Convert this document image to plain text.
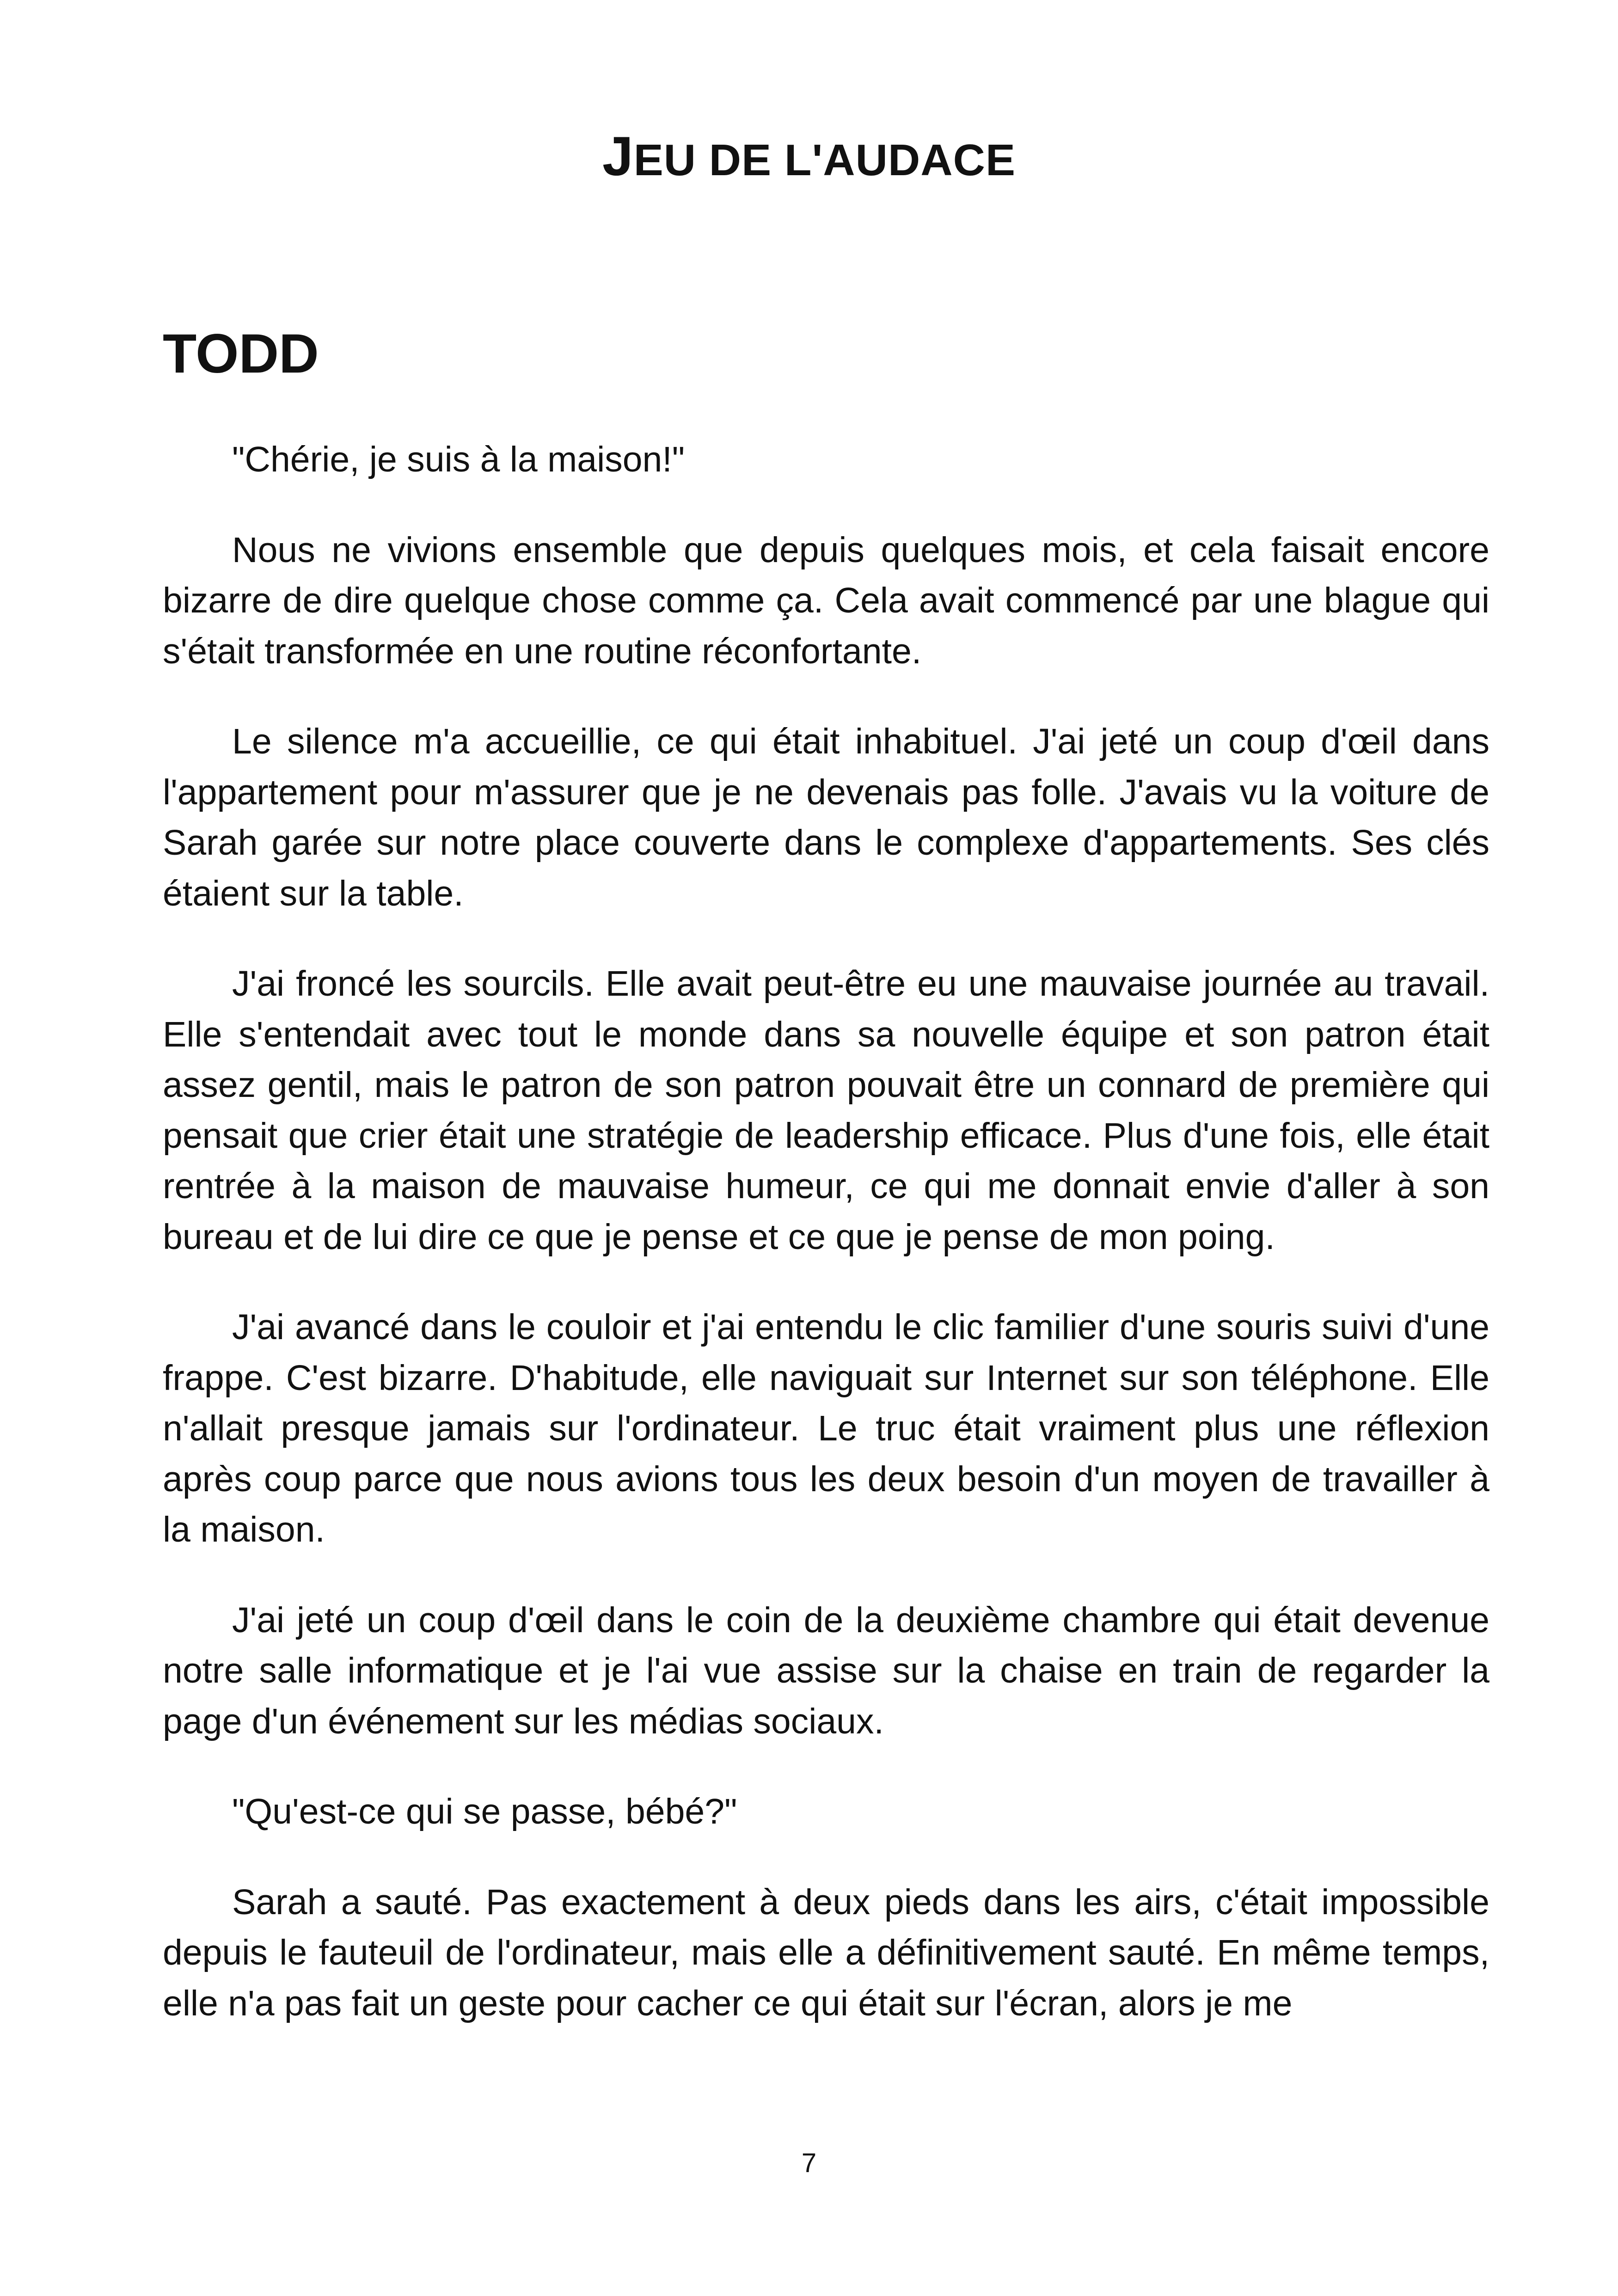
JEU DE L'AUDACE
TODD

"Chérie, je suis à la maison!"

Nous ne vivions ensemble que depuis quelques mois, et cela faisait encore bizarre de dire quelque chose comme ça. Cela avait commencé par une blague qui s'était transformée en une routine réconfortante.

Le silence m'a accueillie, ce qui était inhabituel. J'ai jeté un coup d'œil dans l'appartement pour m'assurer que je ne devenais pas folle. J'avais vu la voiture de Sarah garée sur notre place couverte dans le complexe d'appartements. Ses clés étaient sur la table.

J'ai froncé les sourcils. Elle avait peut-être eu une mauvaise journée au travail. Elle s'entendait avec tout le monde dans sa nouvelle équipe et son patron était assez gentil, mais le patron de son patron pouvait être un connard de première qui pensait que crier était une stratégie de leadership efficace. Plus d'une fois, elle était rentrée à la maison de mauvaise humeur, ce qui me donnait envie d'aller à son bureau et de lui dire ce que je pense et ce que je pense de mon poing.

J'ai avancé dans le couloir et j'ai entendu le clic familier d'une souris suivi d'une frappe. C'est bizarre. D'habitude, elle naviguait sur Internet sur son téléphone. Elle n'allait presque jamais sur l'ordinateur. Le truc était vraiment plus une réflexion après coup parce que nous avions tous les deux besoin d'un moyen de travailler à la maison.

J'ai jeté un coup d'œil dans le coin de la deuxième chambre qui était devenue notre salle informatique et je l'ai vue assise sur la chaise en train de regarder la page d'un événement sur les médias sociaux.

"Qu'est-ce qui se passe, bébé?"

Sarah a sauté. Pas exactement à deux pieds dans les airs, c'était impossible depuis le fauteuil de l'ordinateur, mais elle a définitivement sauté. En même temps, elle n'a pas fait un geste pour cacher ce qui était sur l'écran, alors je me

7
